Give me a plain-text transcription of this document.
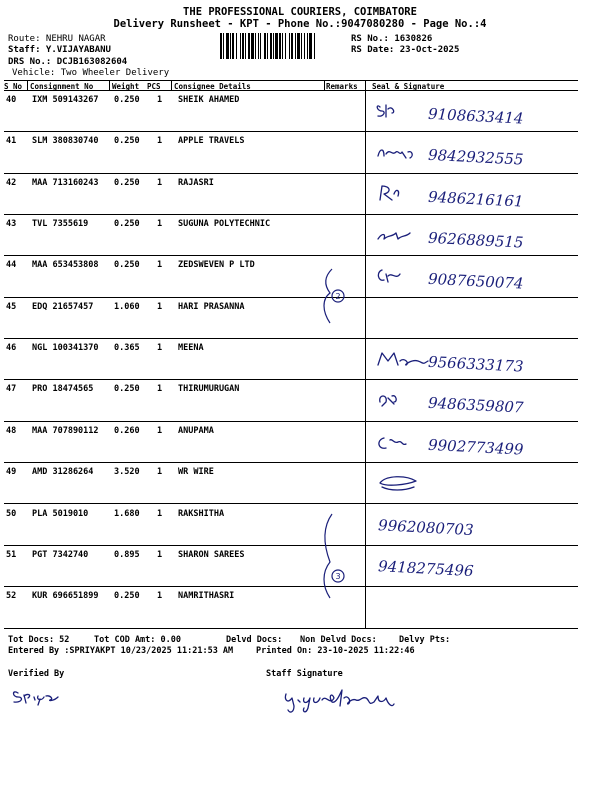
THE PROFESSIONAL COURIERS, COIMBATORE
Delivery Runsheet - KPT - Phone No.:9047080280 - Page No.:4
Route: NEHRU NAGAR
Staff: Y.VIJAYABANU
DRS No.: DCJB163082604
Vehicle: Two Wheeler Delivery
RS No.: 1630826
RS Date: 23-Oct-2025
S No Consignment No	Weight PCS Consignee Details	Remarks Seal & Signature
40 IXM 509143267 0.250 1 SHEIK AHAMED
9108633414
41 SLM 380830740 0.250 1 APPLE TRAVELS
9842932555
42 MAA 713160243 0.250 1 RAJASRI
9486216161
43 TVL 7355619	0.250 1 SUGUNA POLYTECHNIC
9626889515
44 MAA 653453808 0.250 1 ZEDSWEVEN P LTD
9087650074
45 EDQ 21657457 1.060 1 HARI PRASANNA
46 NGL 100341370 0.365 1 MEENA
9566333173
47 PRO 18474565 0.250 1 THIRUMURUGAN
9486359807
48 MAA 707890112 0.260 1 ANUPAMA
9902773499
49 AMD 31286264 3.520 1 WR WIRE
50 PLA 5019010	1.680 1 RAKSHITHA
9962080703
51 PGT 7342740	0.895 1 SHARON SAREES
9418275496
52 KUR 696651899 0.250 1 NAMRITHASRI
2
3
Tot Docs: 52	Tot COD Amt: 0.00	Delvd Docs: Non Delvd Docs:	Delvy Pts:
Entered By :SPRIYAKPT 10/23/2025 11:21:53 AM	Printed On: 23-10-2025 11:22:46
Verified By	Staff Signature
